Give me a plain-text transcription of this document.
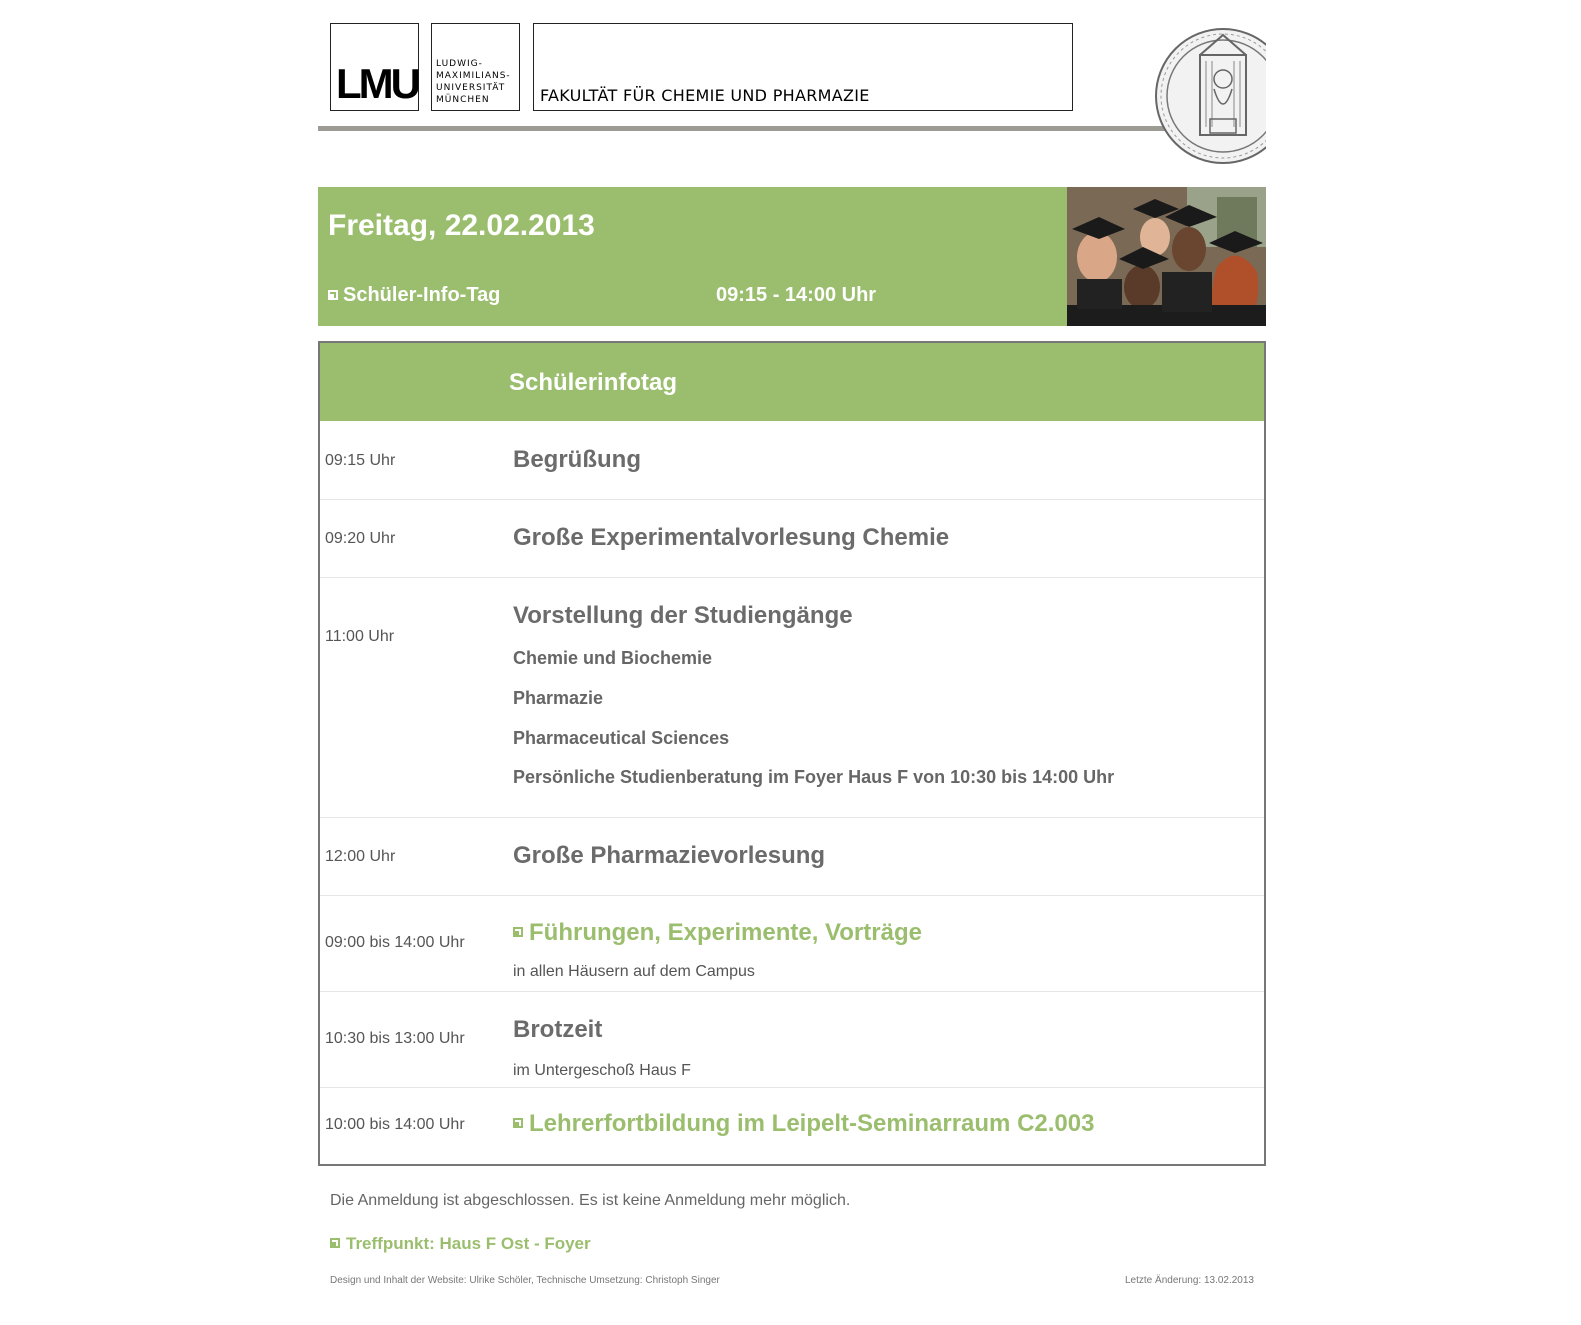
LMU LUDWIG-
MAXIMILIANS-
UNIVERSITÄT
MÜNCHEN	FAKULTÄT FÜR CHEMIE UND PHARMAZIE
Freitag, 22.02.2013
Schüler-Info-Tag	09:15 - 14:00 Uhr
Schülerinfotag
09:15 Uhr	Begrüßung
09:20 Uhr	Große Experimentalvorlesung Chemie
11:00 Uhr
Vorstellung der Studiengänge
Chemie und Biochemie
Pharmazie
Pharmaceutical Sciences
Persönliche Studienberatung im Foyer Haus F von 10:30 bis 14:00 Uhr
12:00 Uhr	Große Pharmazievorlesung
09:00 bis 14:00 Uhr	Führungen, Experimente, Vorträge
in allen Häusern auf dem Campus
10:30 bis 13:00 Uhr Brotzeit
im Untergeschoß Haus F
10:00 bis 14:00 Uhr	Lehrerfortbildung im Leipelt-Seminarraum C2.003
Die Anmeldung ist abgeschlossen. Es ist keine Anmeldung mehr möglich.
Treffpunkt: Haus F Ost - Foyer
Design und Inhalt der Website: Ulrike Schöler, Technische Umsetzung: Christoph Singer	Letzte Änderung: 13.02.2013
